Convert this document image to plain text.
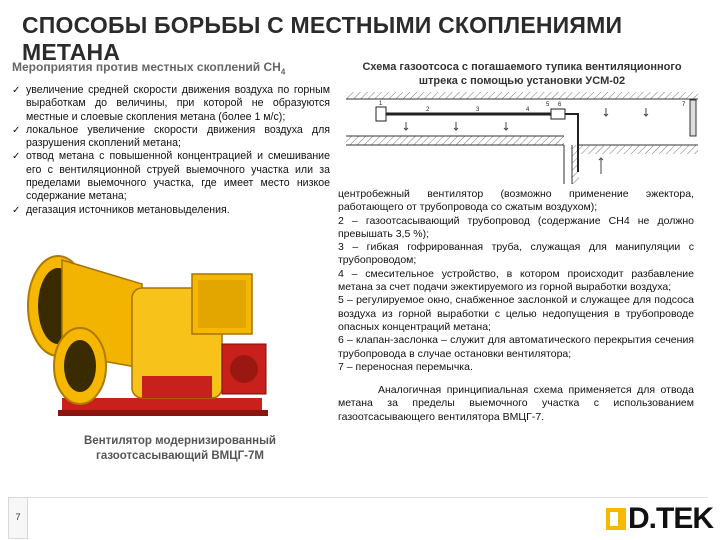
СПОСОБЫ БОРЬБЫ С МЕСТНЫМИ СКОПЛЕНИЯМИ МЕТАНА
Мероприятия против местных скоплений $СН_4$
✓ увеличение средней скорости движения воздуха по горным выработкам до величины, при которой не образуются местные и слоевые скопления метана (более 1 м/с);
✓ локальное увеличение скорости движения воздуха для разрушения скоплений метана;
✓ отвод метана с повышенной концентрацией и смешивание его с вентиляционной струей выемочного участка или за пределами выемочного участка, где имеет место низкое содержание метана;
✓ дегазация источников метановыделения.
Схема газоотсоса с погашаемого тупика вентиляционного штрека с помощью установки УСМ-02
1
2	3	4
5 6	7

центробежный вентилятор (возможно применение эжектора, работающего от трубопровода со сжатым воздухом);

2 – газоотсасывающий трубопровод (содержание СН4 не должно превышать 3,5 %);

3 – гибкая гофрированная труба, служащая для манипуляции с трубопроводом;

4 – смесительное устройство, в котором происходит разбавление метана за счет подачи эжектируемого из горной выработки воздуха;

5 – регулируемое окно, снабженное заслонкой и служащее для подсоса воздуха из горной выработки с целью недопущения в трубопроводе опасных концентраций метана;

6 – клапан-заслонка – служит для автоматического перекрытия сечения трубопровода в случае остановки вентилятора;

7 – переносная перемычка.

Аналогичная принципиальная схема применяется для отвода метана за пределы выемочного участка с использованием газоотсасывающего вентилятора ВМЦГ-7.

Вентилятор модернизированный газоотсасывающий ВМЦГ-7М
7	D.TEK
